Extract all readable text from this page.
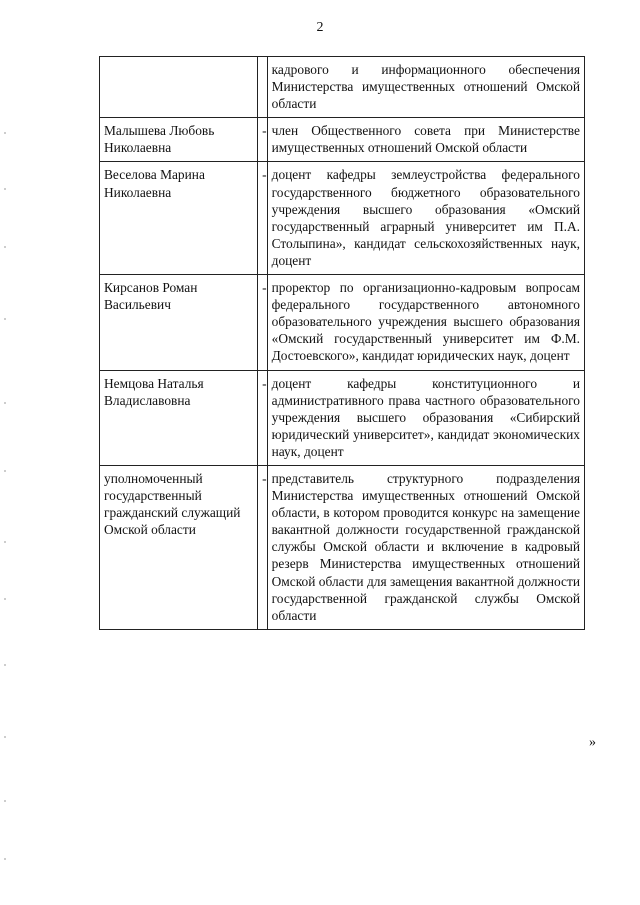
2
		кадрового и информационного обеспечения Министерства имущественных отношений Омской области
Малышева Любовь Николаевна	-	член Общественного совета при Министерстве имущественных отношений Омской области
Веселова Марина Николаевна	-	доцент кафедры землеустройства федерального государственного бюджетного образовательного учреждения высшего образования «Омский государственный аграрный университет им П.А. Столыпина», кандидат сельскохозяйственных наук, доцент
Кирсанов Роман Васильевич	-	проректор по организационно-кадровым вопросам федерального государственного автономного образовательного учреждения высшего образования «Омский государственный университет им Ф.М. Достоевского», кандидат юридических наук, доцент
Немцова Наталья Владиславовна	-	доцент кафедры конституционного и административного права частного образовательного учреждения высшего образования «Сибирский юридический университет», кандидат экономических наук, доцент
уполномоченный государственный гражданский служащий Омской области	-	представитель структурного подразделения Министерства имущественных отношений Омской области, в котором проводится конкурс на замещение вакантной должности государственной гражданской службы Омской области и включение в кадровый резерв Министерства имущественных отношений Омской области для замещения вакантной должности государственной гражданской службы Омской области
»
